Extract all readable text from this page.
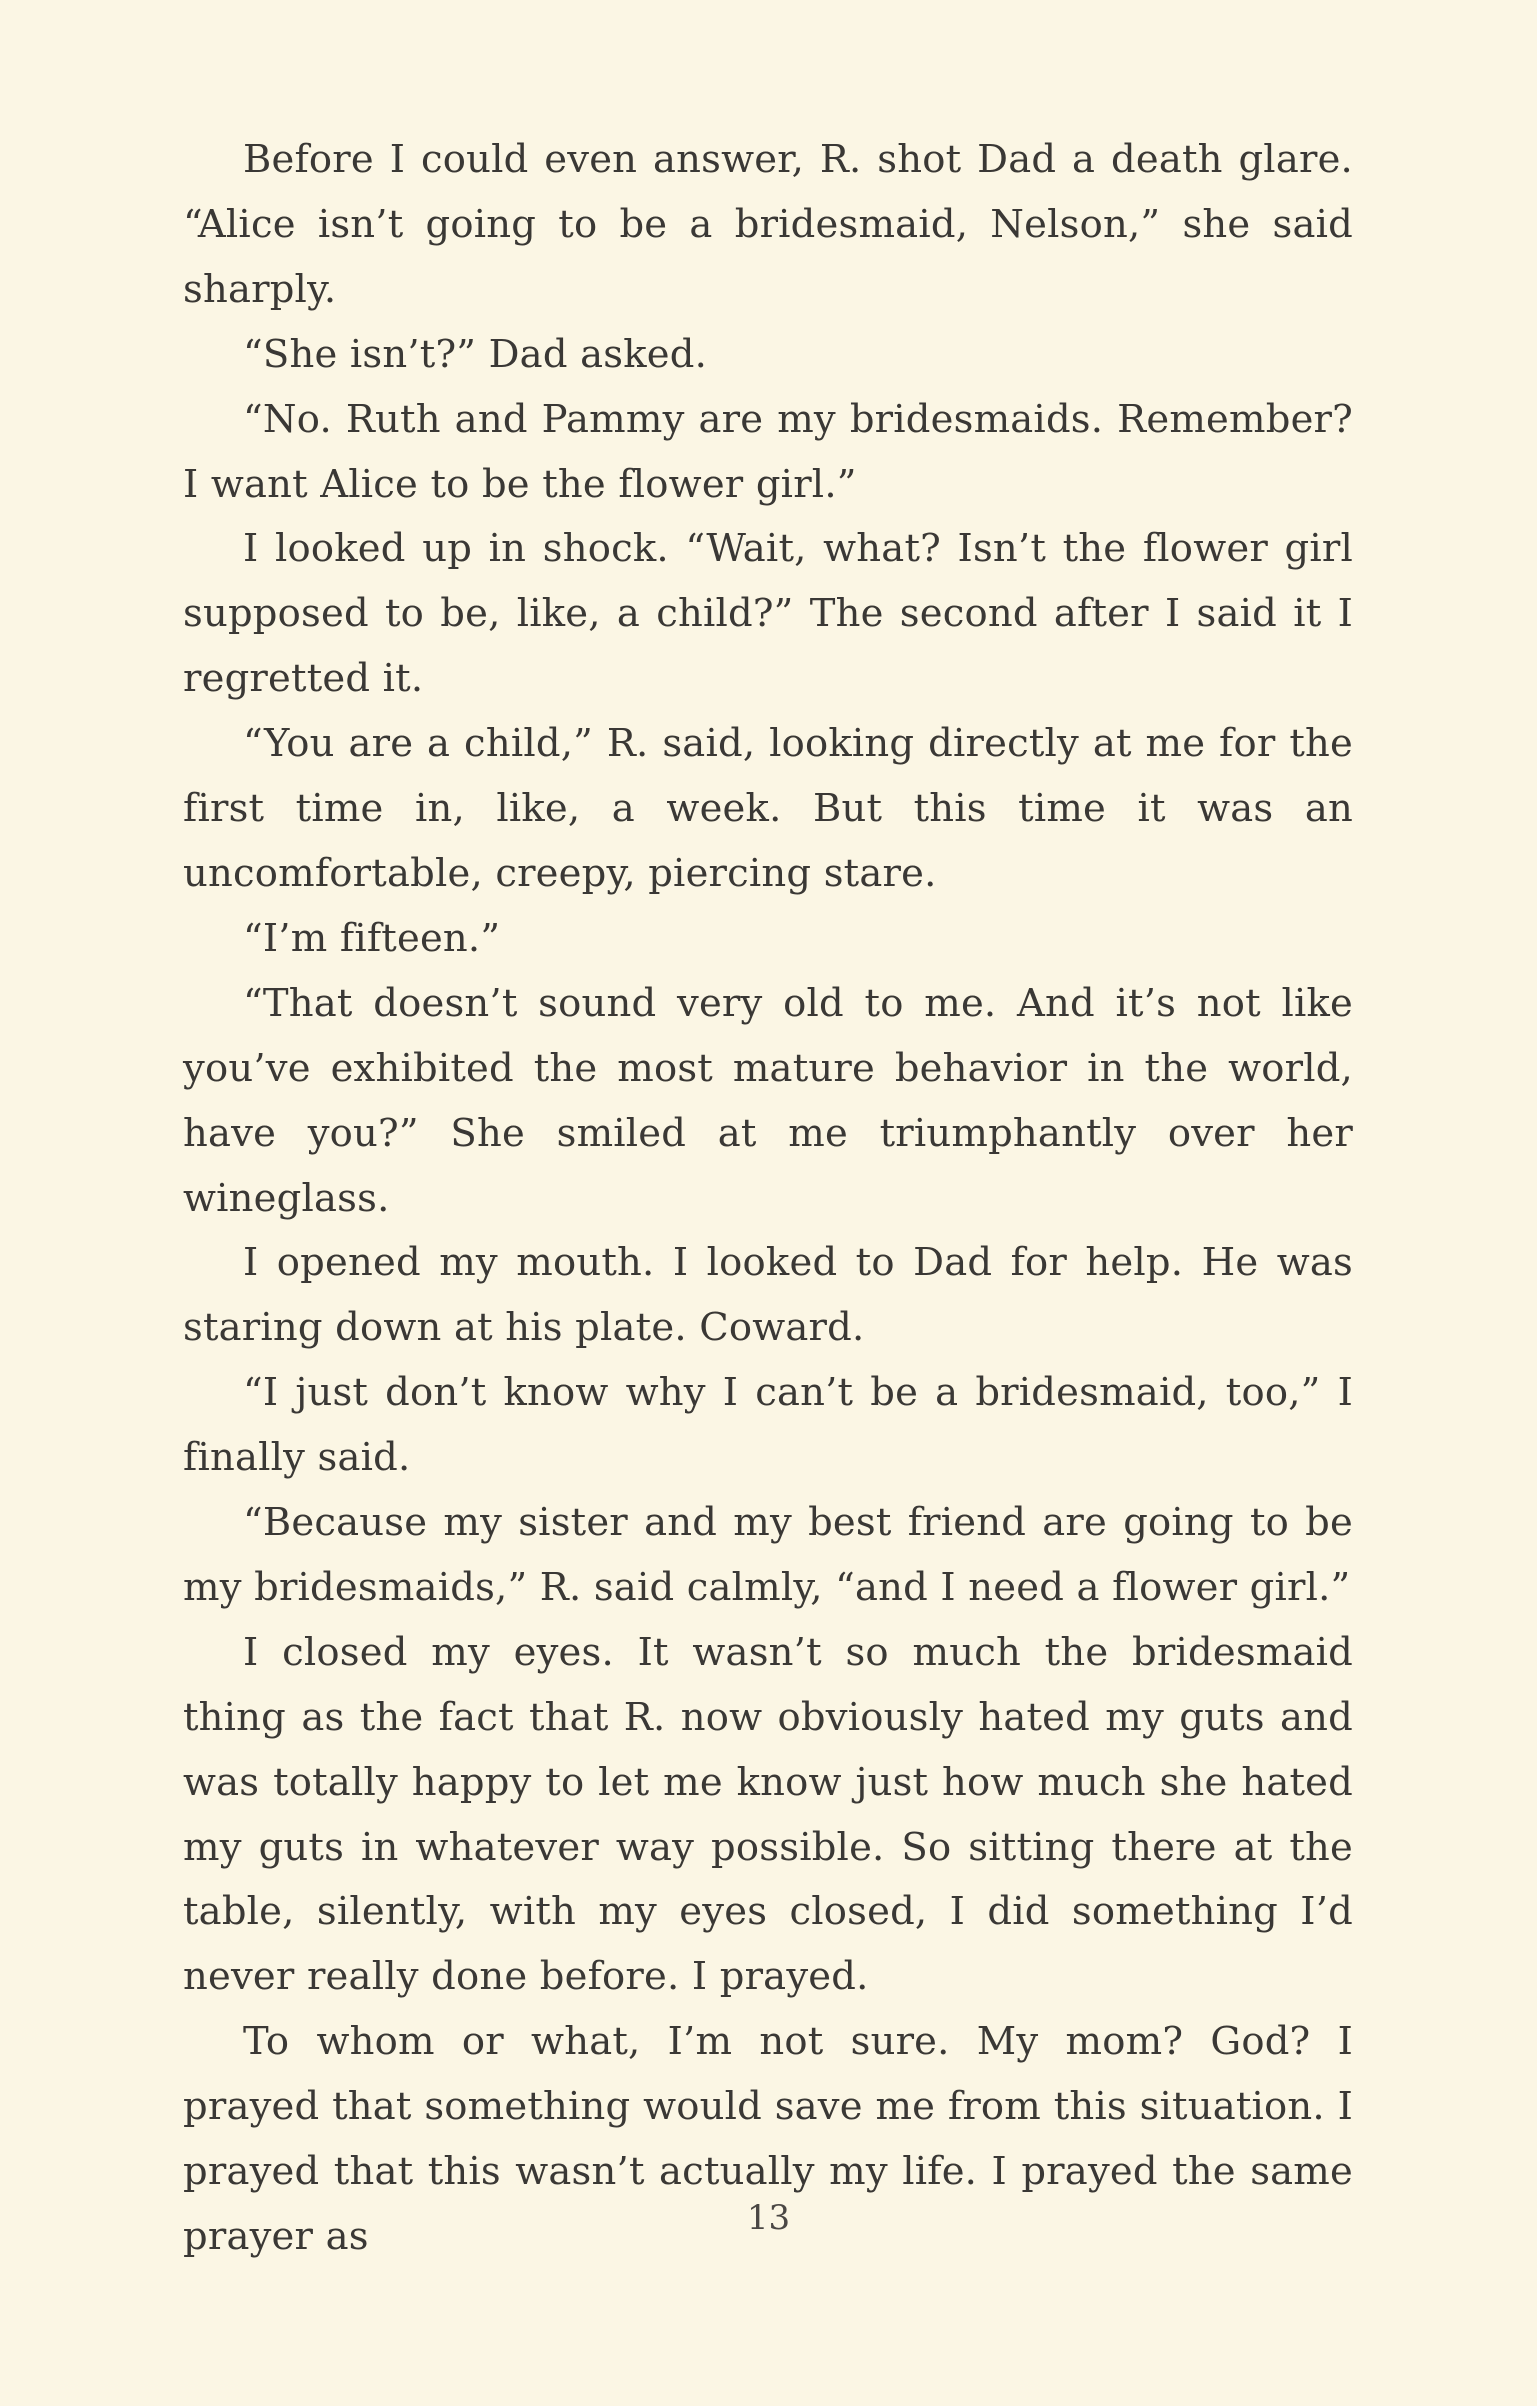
Before I could even answer, R. shot Dad a death glare. “Alice isn’t going to be a bridesmaid, Nelson,” she said sharply.

“She isn’t?” Dad asked.

“No. Ruth and Pammy are my bridesmaids. Remember? I want Alice to be the flower girl.”

I looked up in shock. “Wait, what? Isn’t the flower girl supposed to be, like, a child?” The second after I said it I regretted it.

“You are a child,” R. said, looking directly at me for the first time in, like, a week. But this time it was an uncomfortable, creepy, piercing stare.

“I’m fifteen.”

“That doesn’t sound very old to me. And it’s not like you’ve exhibited the most mature behavior in the world, have you?” She smiled at me triumphantly over her wineglass.

I opened my mouth. I looked to Dad for help. He was staring down at his plate. Coward.

“I just don’t know why I can’t be a bridesmaid, too,” I finally said.

“Because my sister and my best friend are going to be my bridesmaids,” R. said calmly, “and I need a flower girl.”

I closed my eyes. It wasn’t so much the bridesmaid thing as the fact that R. now obviously hated my guts and was totally happy to let me know just how much she hated my guts in whatever way possible. So sitting there at the table, silently, with my eyes closed, I did something I’d never really done before. I prayed.

To whom or what, I’m not sure. My mom? God? I prayed that something would save me from this situation. I prayed that this wasn’t actually my life. I prayed the same prayer as	13
